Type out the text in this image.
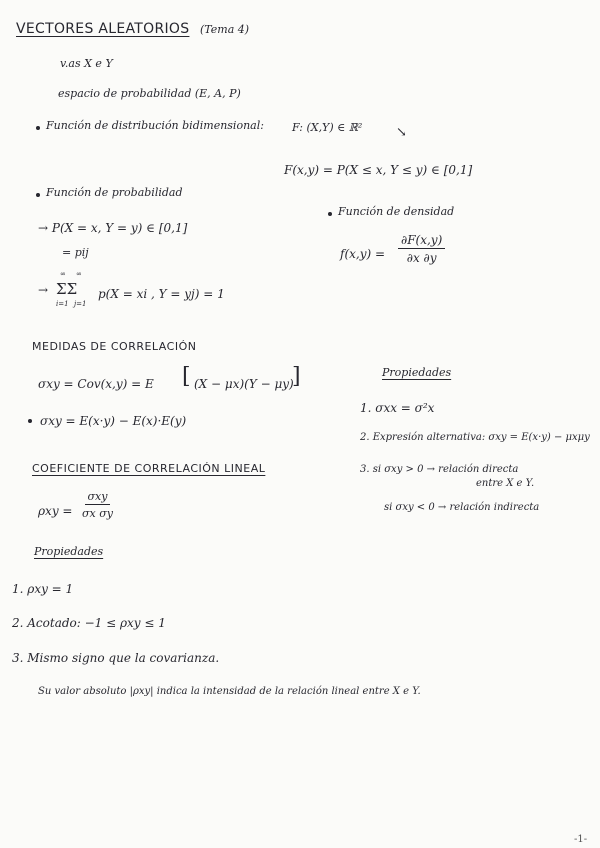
VECTORES ALEATORIOS (Tema 4)
v.as X e Y
espacio de probabilidad (E, A, P)
Función de distribución bidimensional:	F: (X,Y) ∈ ℝ²	↘
F(x,y) = P(X ≤ x, Y ≤ y) ∈ [0,1]
Función de probabilidad
→ P(X = x, Y = y) ∈ [0,1]
= pij
→
∞ ∞
ΣΣ
i=1 j=1
p(X = xi , Y = yj) = 1
Función de densidad
$f(x,y) = \frac{\partial F(x,y)}{\partial x \partial y}$
MEDIDAS DE CORRELACIÓN
σxy = Cov(x,y) = E [ (X − μx)(Y − μy)
]
σxy = E(x·y) − E(x)·E(y)
Propiedades
1. σxx = σ²x
2. Expresión alternativa: σxy = E(x·y) − μxμy
3. si σxy > 0 → relación directa
entre X e Y.
si σxy < 0 → relación indirecta
COEFICIENTE DE CORRELACIÓN LINEAL
ρxy =
σxy
σx σy
Propiedades
1. ρxy = 1
2. Acotado: −1 ≤ ρxy ≤ 1
3. Mismo signo que la covarianza.
Su valor absoluto |ρxy| indica la intensidad de la relación lineal entre X e Y.
-1-
